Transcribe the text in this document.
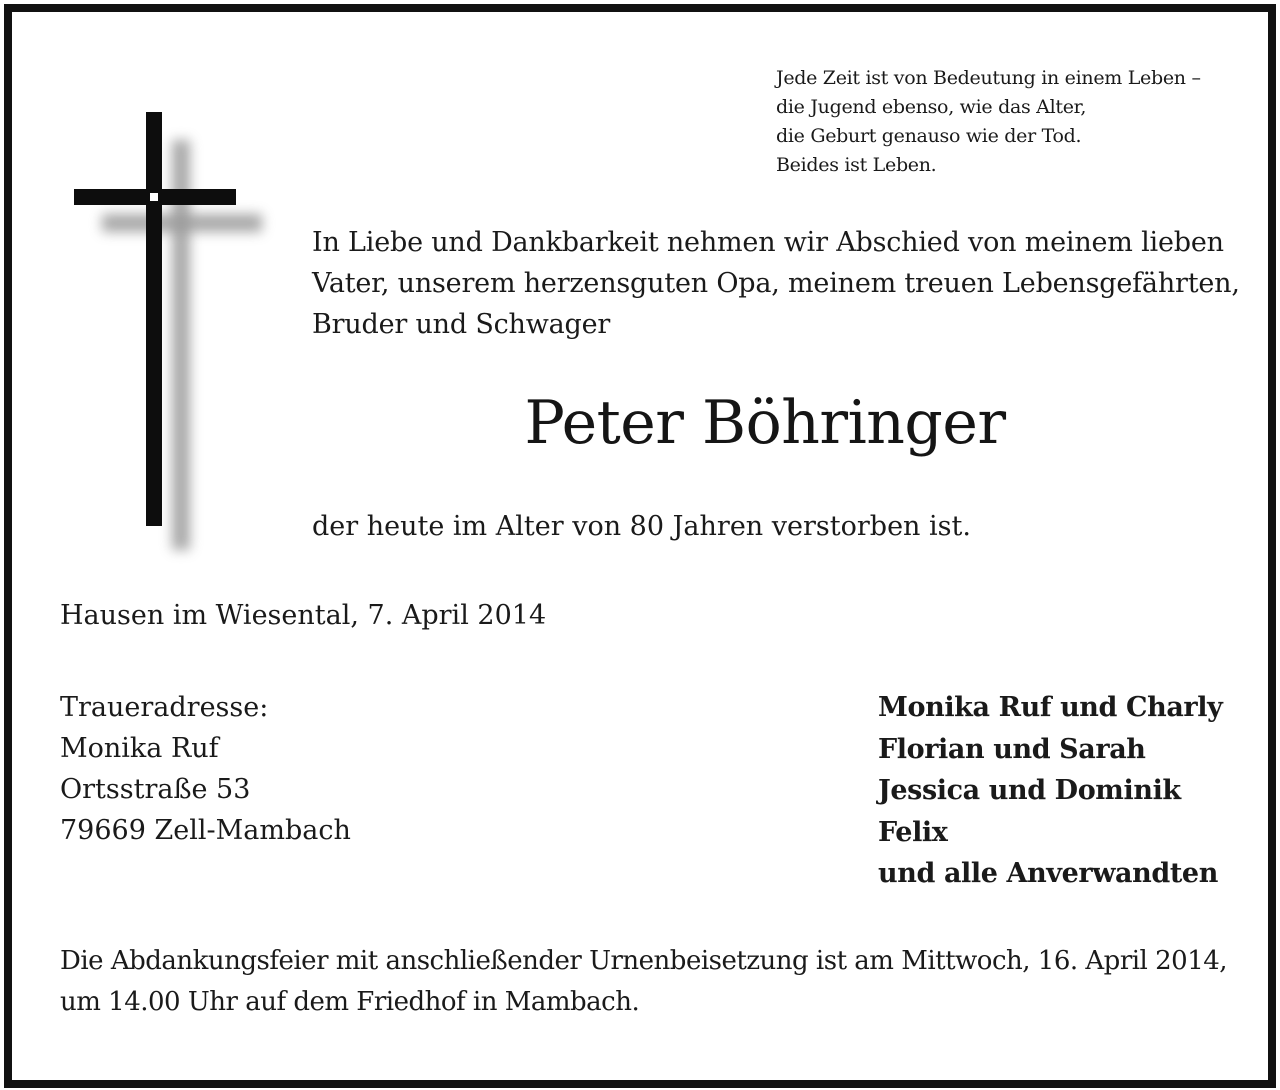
Jede Zeit ist von Bedeutung in einem Leben –
die Jugend ebenso, wie das Alter,
die Geburt genauso wie der Tod.
Beides ist Leben.
In Liebe und Dankbarkeit nehmen wir Abschied von meinem lieben
Vater, unserem herzensguten Opa, meinem treuen Lebensgefährten,
Bruder und Schwager
Peter Böhringer
der heute im Alter von 80 Jahren verstorben ist.
Hausen im Wiesental, 7. April 2014
Traueradresse:
Monika Ruf
Ortsstraße 53
79669 Zell-Mambach
Monika Ruf und Charly
Florian und Sarah
Jessica und Dominik
Felix
und alle Anverwandten
Die Abdankungsfeier mit anschließender Urnenbeisetzung ist am Mittwoch, 16. April 2014,
um 14.00 Uhr auf dem Friedhof in Mambach.
